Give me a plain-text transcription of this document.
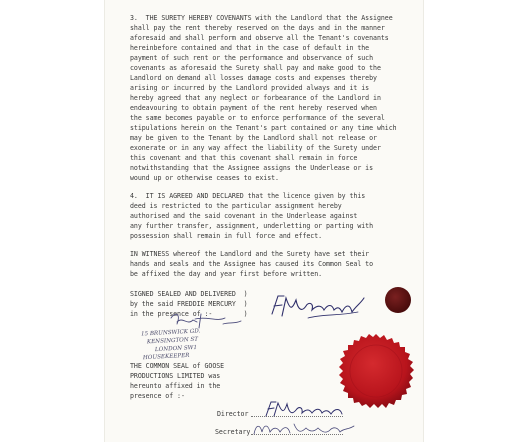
3.  THE SURETY HEREBY COVENANTS with the Landlord that the Assignee
shall pay the rent thereby reserved on the days and in the manner
aforesaid and shall perform and observe all the Tenant's covenants
hereinbefore contained and that in the case of default in the
payment of such rent or the performance and observance of such
covenants as aforesaid the Surety shall pay and make good to the
Landlord on demand all losses damage costs and expenses thereby
arising or incurred by the Landlord provided always and it is
hereby agreed that any neglect or forbearance of the Landlord in
endeavouring to obtain payment of the rent hereby reserved when
the same becomes payable or to enforce performance of the several
stipulations herein on the Tenant's part contained or any time which
may be given to the Tenant by the Landlord shall not release or
exonerate or in any way affect the liability of the Surety under
this covenant and that this covenant shall remain in force
notwithstanding that the Assignee assigns the Underlease or is
wound up or otherwise ceases to exist.
4.  IT IS AGREED AND DECLARED that the licence given by this
deed is restricted to the particular assignment hereby
authorised and the said covenant in the Underlease against
any further transfer, assignment, underletting or parting with
possession shall remain in full force and effect.
IN WITNESS whereof the Landlord and the Surety have set their
hands and seals and the Assignee has caused its Common Seal to
be affixed the day and year first before written.
SIGNED SEALED AND DELIVERED  )
by the said FREDDIE MERCURY  )
in the presence of :-        )
15 BRUNSWICK GD.
KENSINGTON ST
LONDON SW1
HOUSEKEEPER
THE COMMON SEAL of GOOSE
PRODUCTIONS LIMITED was
hereunto affixed in the
presence of :-
Director
Secretary
